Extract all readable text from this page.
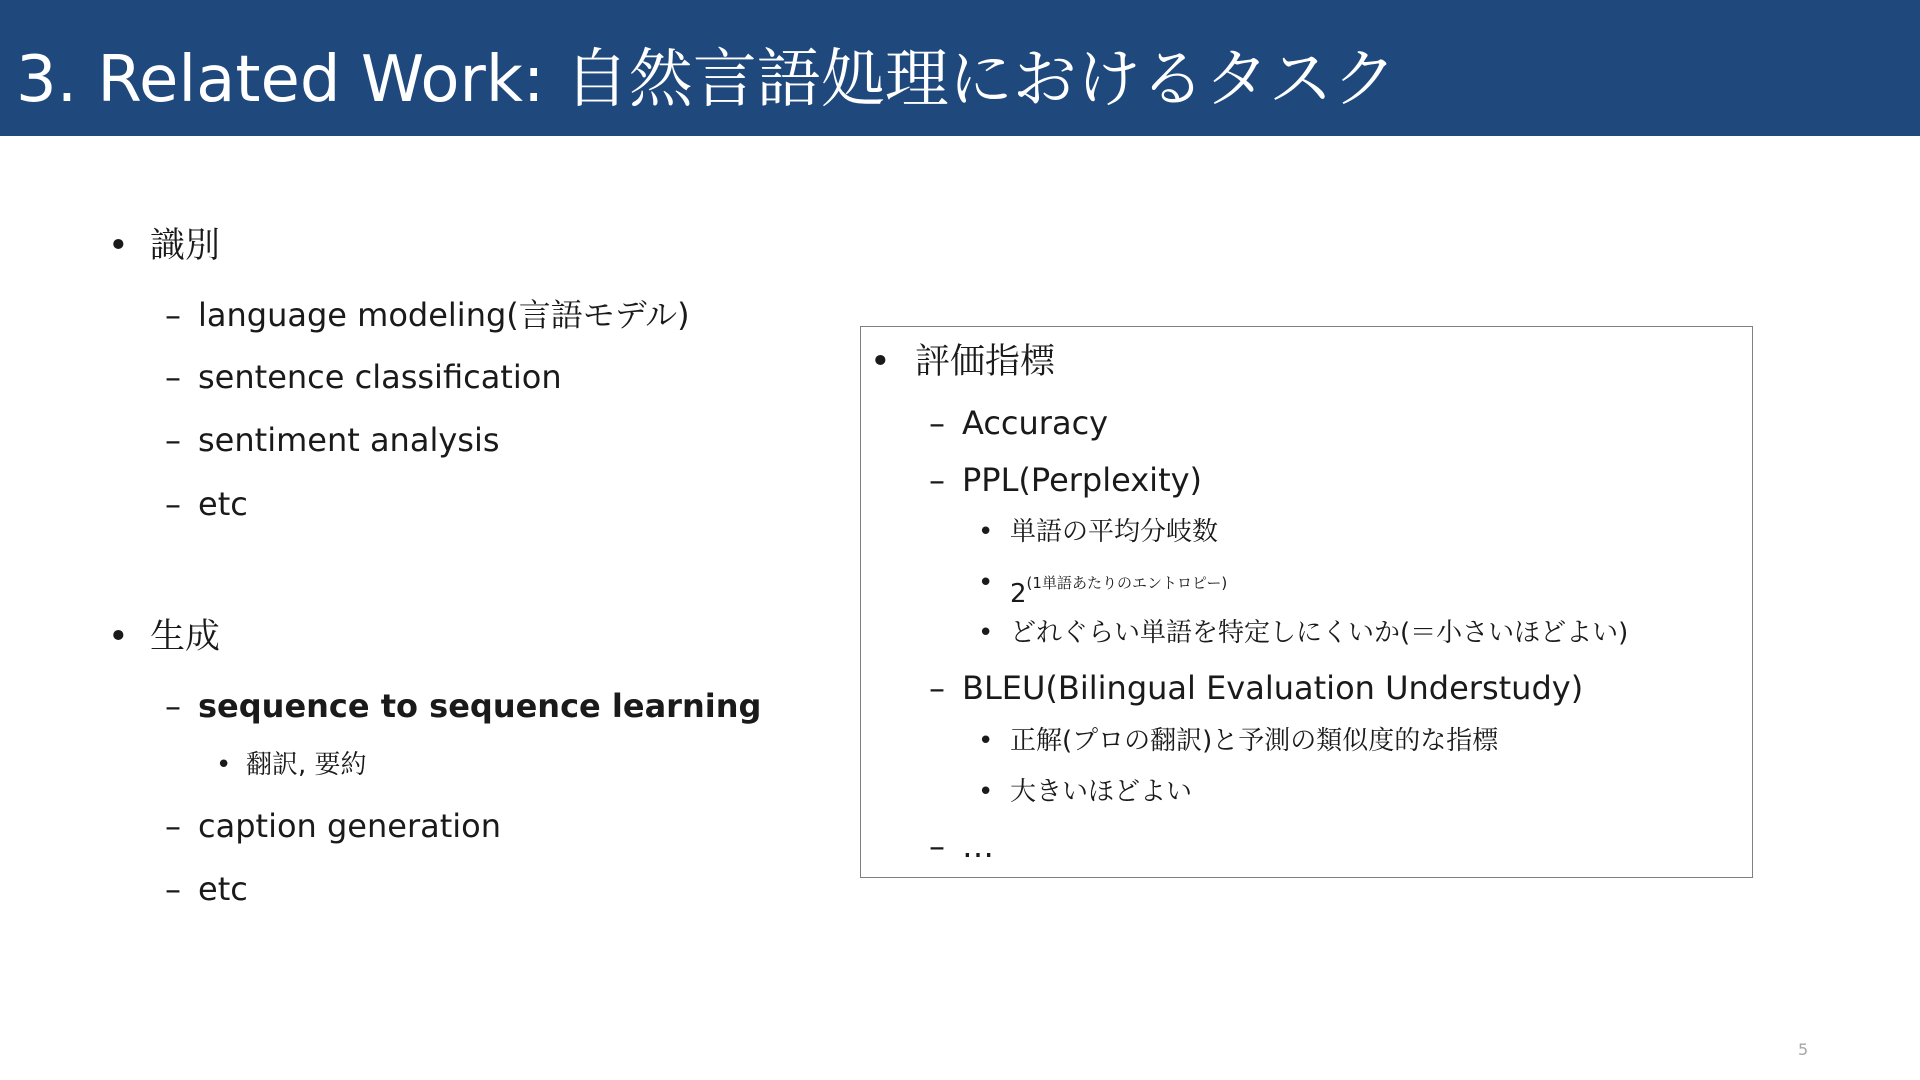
3. Related Work: 自然言語処理におけるタスク
• 識別
– language modeling(言語モデル)
– sentence classification
– sentiment analysis
– etc
• 生成
– sequence to sequence learning
• 翻訳, 要約
– caption generation
– etc
• 評価指標
– Accuracy
– PPL(Perplexity)
• 単語の平均分岐数
• $2^{(1単語あたりのエントロピー)}$
• どれぐらい単語を特定しにくいか(＝小さいほどよい)
– BLEU(Bilingual Evaluation Understudy)
• 正解(プロの翻訳)と予測の類似度的な指標
• 大きいほどよい
– …
5
